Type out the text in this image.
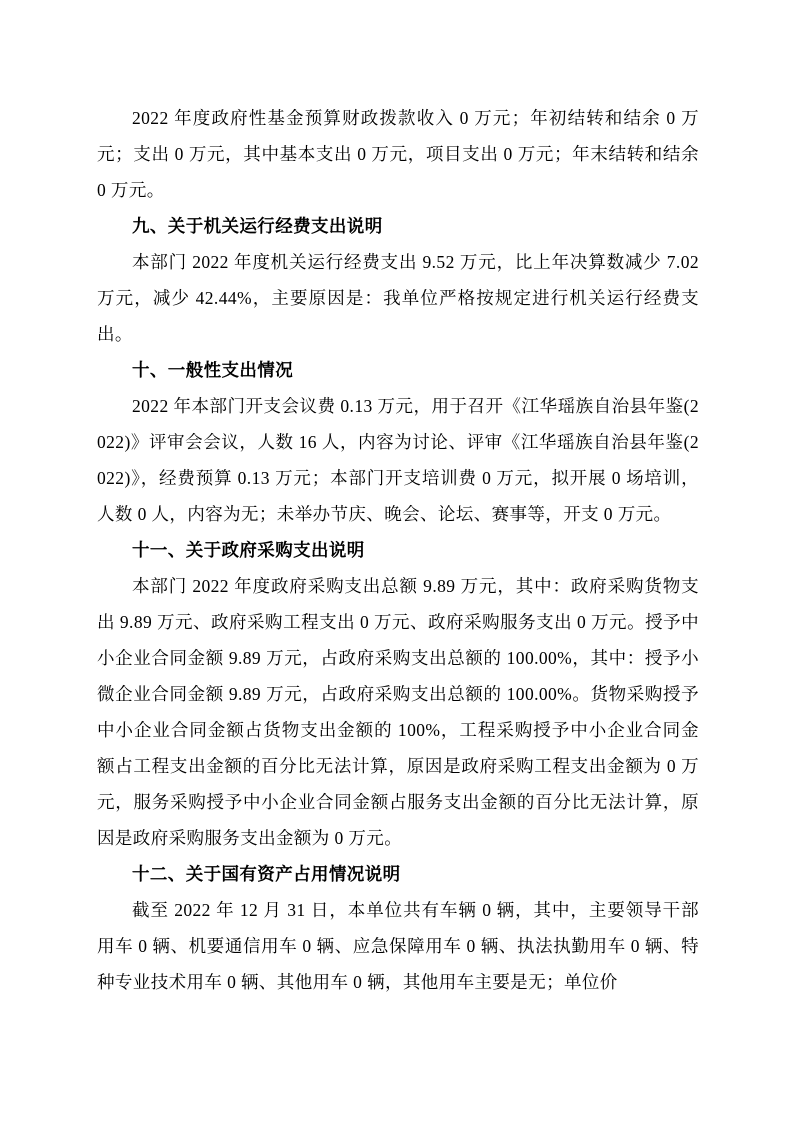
2022 年度政府性基金预算财政拨款收入 0 万元；年初结转和结余 0 万元；支出 0 万元，其中基本支出 0 万元，项目支出 0 万元；年末结转和结余 0 万元。

九、关于机关运行经费支出说明

本部门 2022 年度机关运行经费支出 9.52 万元，比上年决算数减少 7.02 万元，减少 42.44%，主要原因是：我单位严格按规定进行机关运行经费支出。

十、一般性支出情况

2022 年本部门开支会议费 0.13 万元，用于召开《江华瑶族自治县年鉴(2022)》评审会会议，人数 16 人，内容为讨论、评审《江华瑶族自治县年鉴(2022)》，经费预算 0.13 万元；本部门开支培训费 0 万元，拟开展 0 场培训，人数 0 人，内容为无；未举办节庆、晚会、论坛、赛事等，开支 0 万元。

十一、关于政府采购支出说明

本部门 2022 年度政府采购支出总额 9.89 万元，其中：政府采购货物支出 9.89 万元、政府采购工程支出 0 万元、政府采购服务支出 0 万元。授予中小企业合同金额 9.89 万元，占政府采购支出总额的 100.00%，其中：授予小微企业合同金额 9.89 万元，占政府采购支出总额的 100.00%。货物采购授予中小企业合同金额占货物支出金额的 100%，工程采购授予中小企业合同金额占工程支出金额的百分比无法计算，原因是政府采购工程支出金额为 0 万元，服务采购授予中小企业合同金额占服务支出金额的百分比无法计算，原因是政府采购服务支出金额为 0 万元。

十二、关于国有资产占用情况说明

截至 2022 年 12 月 31 日，本单位共有车辆 0 辆，其中，主要领导干部用车 0 辆、机要通信用车 0 辆、应急保障用车 0 辆、执法执勤用车 0 辆、特种专业技术用车 0 辆、其他用车 0 辆，其他用车主要是无；单位价
